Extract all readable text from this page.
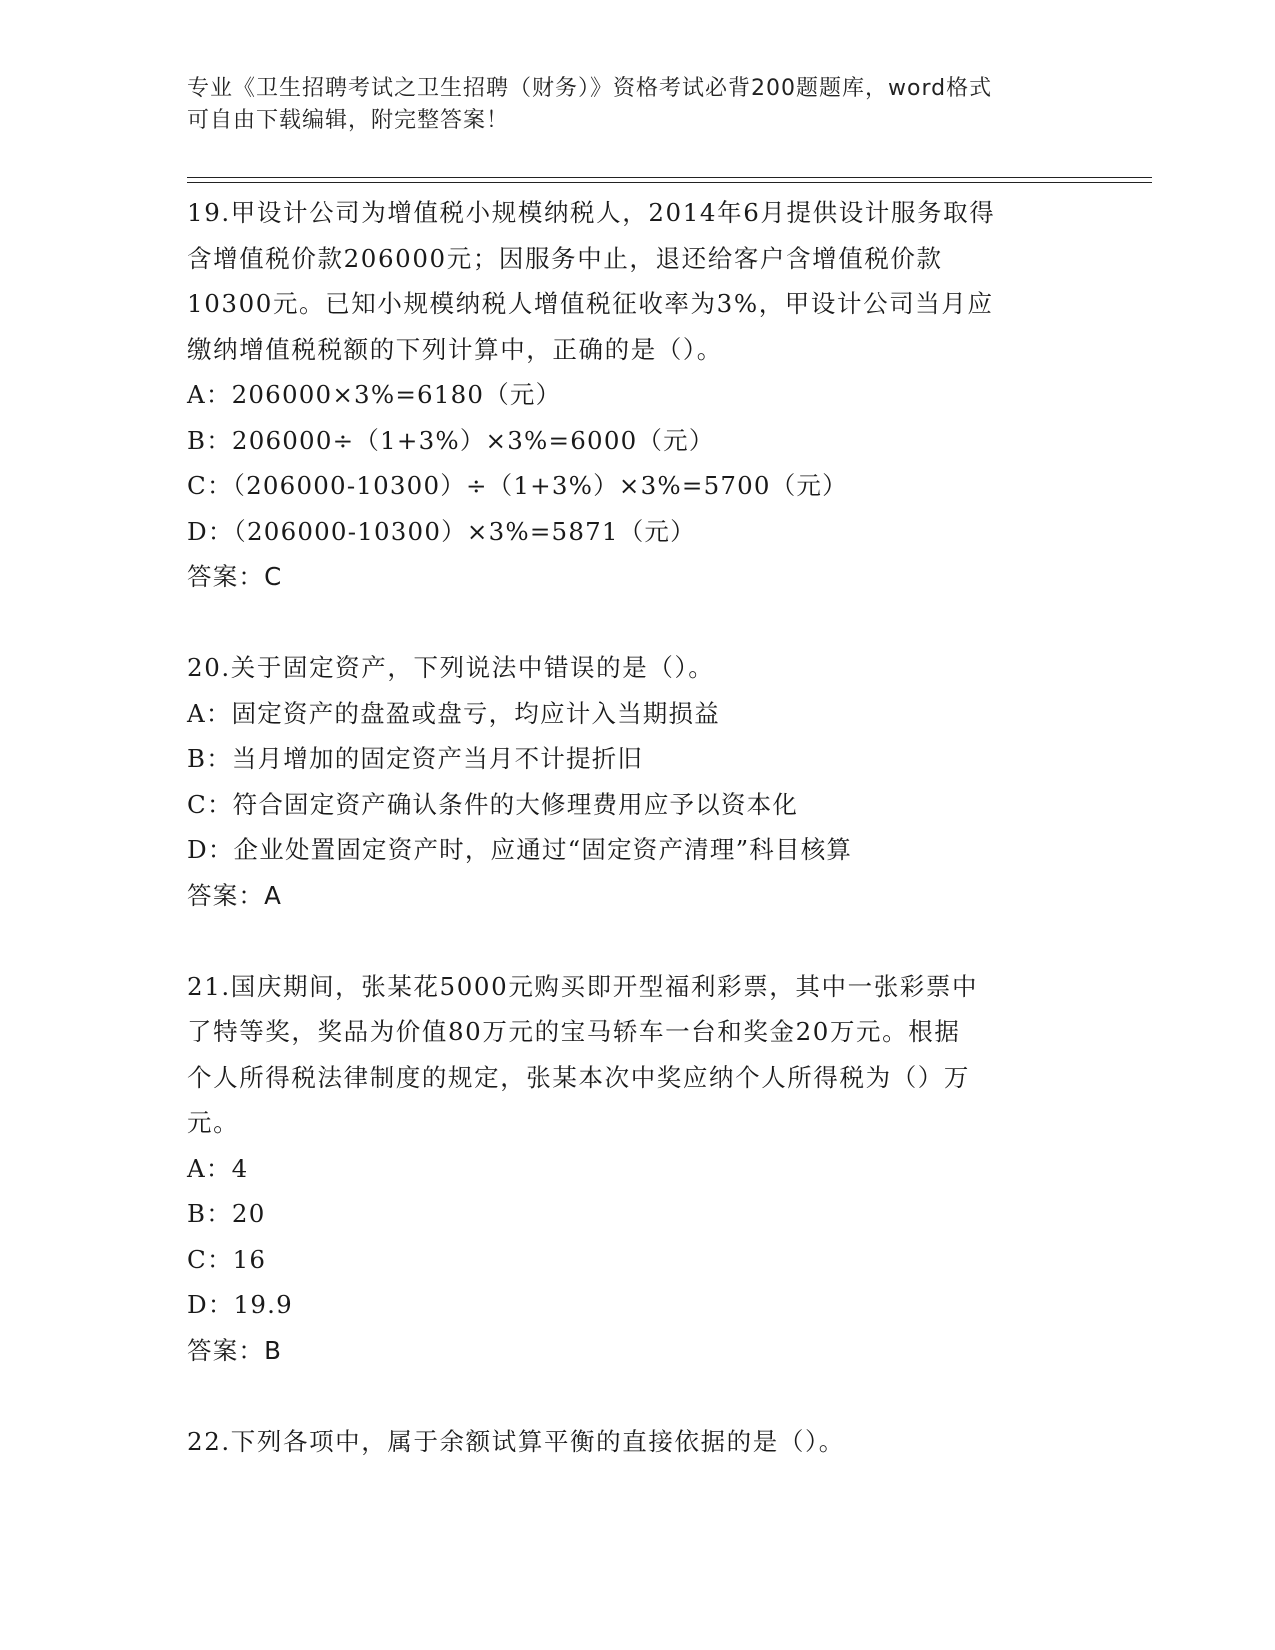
专业《卫生招聘考试之卫生招聘（财务）》资格考试必背200题题库，word格式
可自由下载编辑，附完整答案！

19.甲设计公司为增值税小规模纳税人，2014年6月提供设计服务取得

含增值税价款206000元；因服务中止，退还给客户含增值税价款

10300元。已知小规模纳税人增值税征收率为3%，甲设计公司当月应

缴纳增值税税额的下列计算中，正确的是（）。

A：206000×3%=6180（元）

B：206000÷（1+3%）×3%=6000（元）

C：（206000-10300）÷（1+3%）×3%=5700（元）

D：（206000-10300）×3%=5871（元）

答案：C

20.关于固定资产，下列说法中错误的是（）。

A：固定资产的盘盈或盘亏，均应计入当期损益

B：当月增加的固定资产当月不计提折旧

C：符合固定资产确认条件的大修理费用应予以资本化

D：企业处置固定资产时，应通过“固定资产清理”科目核算

答案：A

21.国庆期间，张某花5000元购买即开型福利彩票，其中一张彩票中

了特等奖，奖品为价值80万元的宝马轿车一台和奖金20万元。根据

个人所得税法律制度的规定，张某本次中奖应纳个人所得税为（）万

元。

A：4

B：20

C：16

D：19.9

答案：B

22.下列各项中，属于余额试算平衡的直接依据的是（）。
